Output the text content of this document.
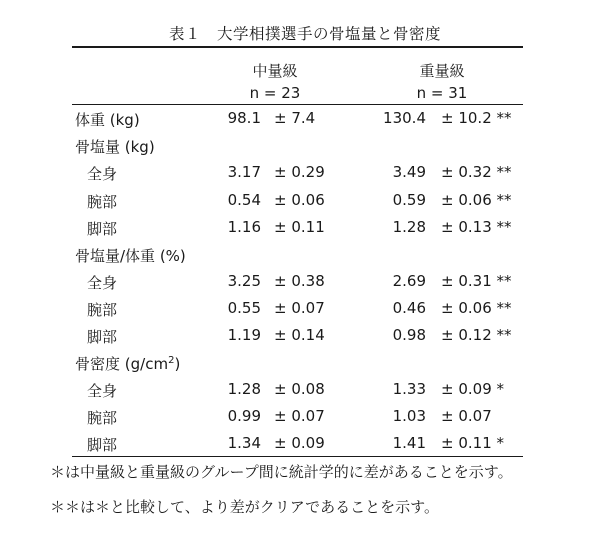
表１　大学相撲選手の骨塩量と骨密度
中量級	重量級
n = 23	n = 31
体重 (kg)	98.1 ± 7.4	130.4 ± 10.2 **
骨塩量 (kg)
全身	3.17 ± 0.29	3.49 ± 0.32 **
腕部	0.54 ± 0.06	0.59 ± 0.06 **
脚部	1.16 ± 0.11	1.28 ± 0.13 **
骨塩量/体重 (%)
全身	3.25 ± 0.38	2.69 ± 0.31 **
腕部	0.55 ± 0.07	0.46 ± 0.06 **
脚部	1.19 ± 0.14	0.98 ± 0.12 **
骨密度 $(g/cm^2)$
全身	1.28 ± 0.08	1.33 ± 0.09 *
腕部	0.99 ± 0.07	1.03 ± 0.07
脚部	1.34 ± 0.09	1.41 ± 0.11 *
＊は中量級と重量級のグループ間に統計学的に差があることを示す。
＊＊は＊と比較して、より差がクリアであることを示す。
